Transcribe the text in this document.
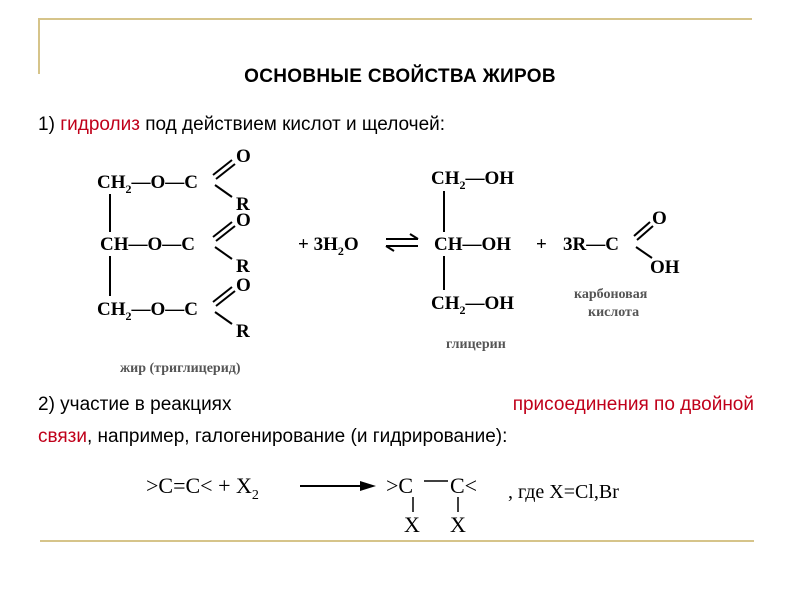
ОСНОВНЫЕ СВОЙСТВА ЖИРОВ
1) гидролиз под действием кислот и щелочей:
$CH_2—O—C$
CH—O—C
$CH_2—O—C$
O
R
O
R
O
R
жир (триглицерид)
+ $3H_2O$
$CH_2—OH$
CH—OH
$CH_2—OH$
глицерин
+ 3R—C
O
OH
карбоновая
кислота
2) участие в реакциях	присоединения по двойной
связи, например, галогенирование (и гидрирование):
$>C=C< + X_2$	>C C<
X X
, где X=Cl,Br
